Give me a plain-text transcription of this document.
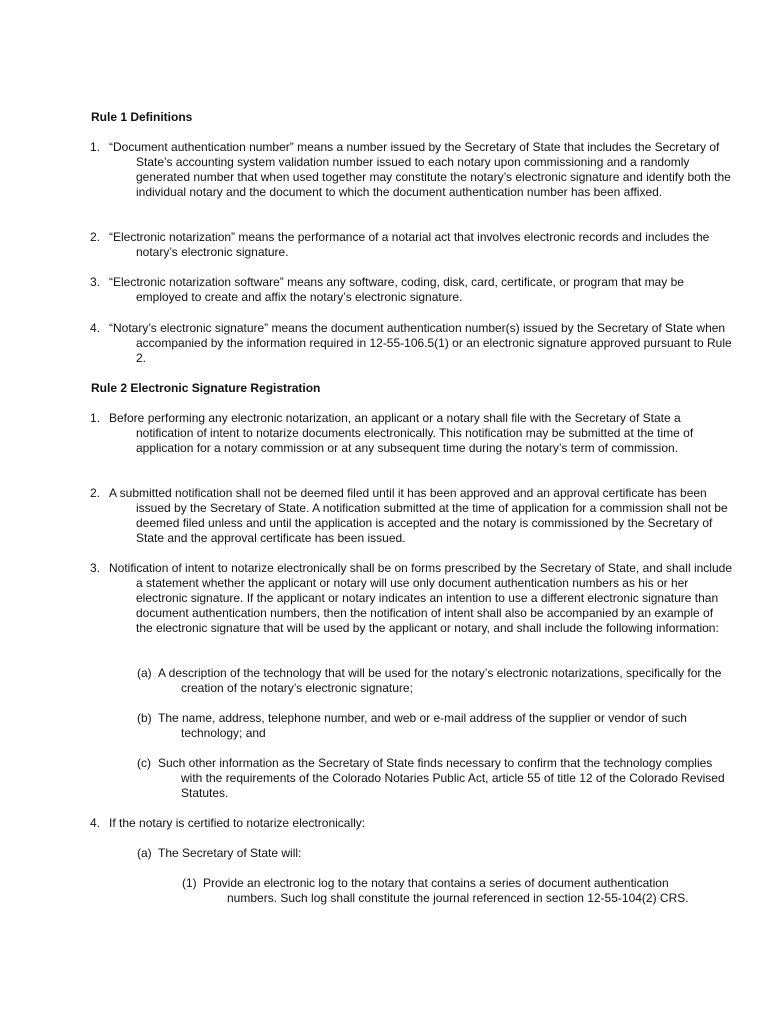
Rule 1 Definitions

1. “Document authentication number” means a number issued by the Secretary of State that includes the Secretary of State’s accounting system validation number issued to each notary upon commissioning and a randomly generated number that when used together may constitute the notary’s electronic signature and identify both the individual notary and the document to which the document authentication number has been affixed.

2. “Electronic notarization” means the performance of a notarial act that involves electronic records and includes the notary’s electronic signature.

3. “Electronic notarization software” means any software, coding, disk, card, certificate, or program that may be employed to create and affix the notary’s electronic signature.

4. “Notary’s electronic signature” means the document authentication number(s) issued by the Secretary of State when accompanied by the information required in 12-55-106.5(1) or an electronic signature approved pursuant to Rule 2.

Rule 2 Electronic Signature Registration

1. Before performing any electronic notarization, an applicant or a notary shall file with the Secretary of State a notification of intent to notarize documents electronically. This notification may be submitted at the time of application for a notary commission or at any subsequent time during the notary’s term of commission.

2. A submitted notification shall not be deemed filed until it has been approved and an approval certificate has been issued by the Secretary of State. A notification submitted at the time of application for a commission shall not be deemed filed unless and until the application is accepted and the notary is commissioned by the Secretary of State and the approval certificate has been issued.

3. Notification of intent to notarize electronically shall be on forms prescribed by the Secretary of State, and shall include a statement whether the applicant or notary will use only document authentication numbers as his or her electronic signature. If the applicant or notary indicates an intention to use a different electronic signature than document authentication numbers, then the notification of intent shall also be accompanied by an example of the electronic signature that will be used by the applicant or notary, and shall include the following information:

(a) A description of the technology that will be used for the notary’s electronic notarizations, specifically for the creation of the notary’s electronic signature;

(b) The name, address, telephone number, and web or e-mail address of the supplier or vendor of such technology; and

(c) Such other information as the Secretary of State finds necessary to confirm that the technology complies with the requirements of the Colorado Notaries Public Act, article 55 of title 12 of the Colorado Revised Statutes.

4. If the notary is certified to notarize electronically:

(a) The Secretary of State will:

(1) Provide an electronic log to the notary that contains a series of document authentication numbers. Such log shall constitute the journal referenced in section 12-55-104(2) CRS.
